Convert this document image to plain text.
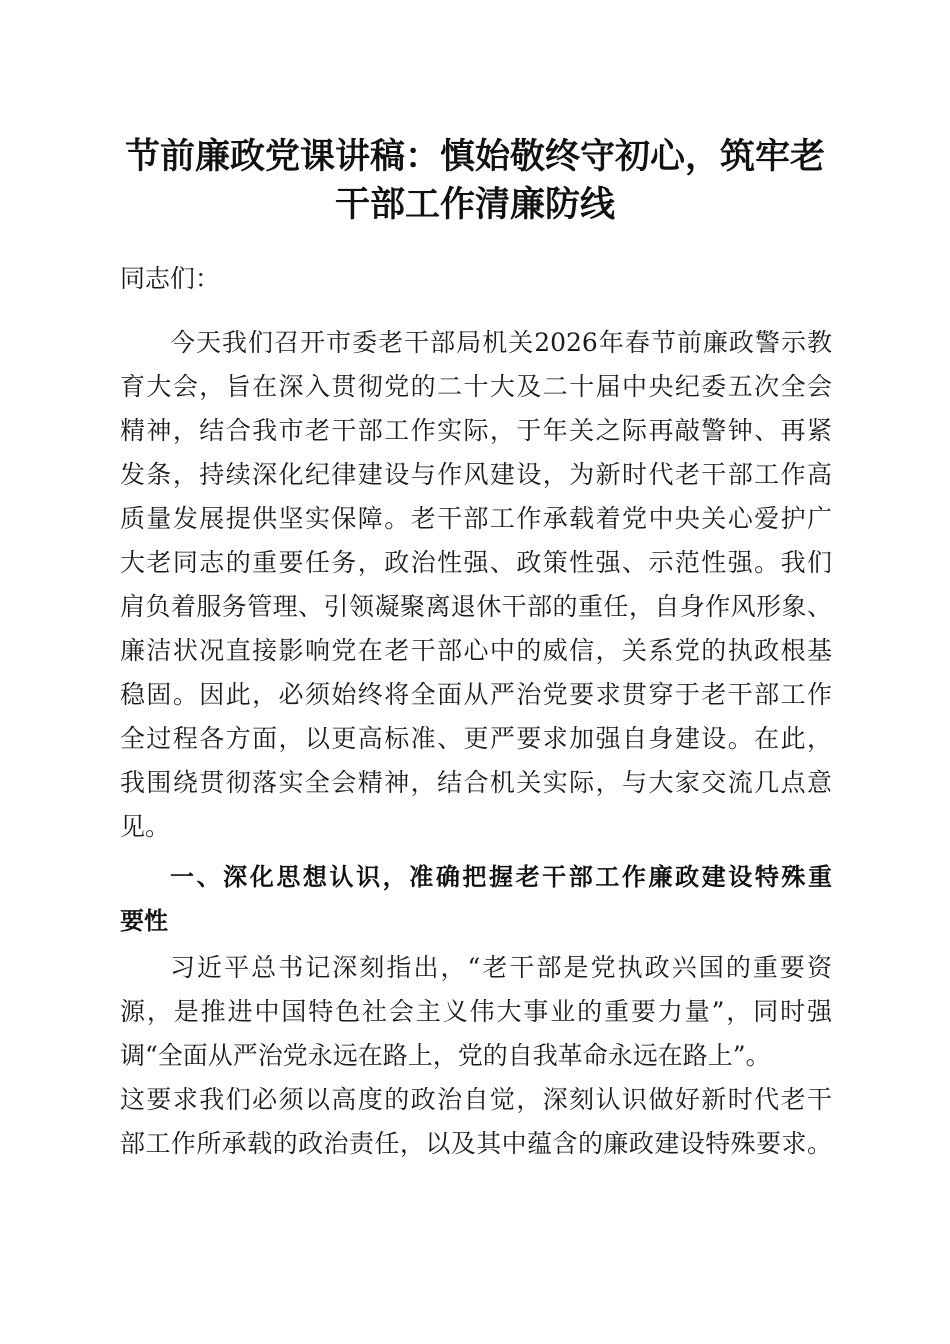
节前廉政党课讲稿：慎始敬终守初心，筑牢老
干部工作清廉防线
同志们：
今天我们召开市委老干部局机关2026年春节前廉政警示教
育大会，旨在深入贯彻党的二十大及二十届中央纪委五次全会
精神，结合我市老干部工作实际，于年关之际再敲警钟、再紧
发条，持续深化纪律建设与作风建设，为新时代老干部工作高
质量发展提供坚实保障。老干部工作承载着党中央关心爱护广
大老同志的重要任务，政治性强、政策性强、示范性强。我们
肩负着服务管理、引领凝聚离退休干部的重任，自身作风形象、
廉洁状况直接影响党在老干部心中的威信，关系党的执政根基
稳固。因此，必须始终将全面从严治党要求贯穿于老干部工作
全过程各方面，以更高标准、更严要求加强自身建设。在此，
我围绕贯彻落实全会精神，结合机关实际，与大家交流几点意
见。
一、深化思想认识，准确把握老干部工作廉政建设特殊重
要性
习近平总书记深刻指出，“老干部是党执政兴国的重要资
源，是推进中国特色社会主义伟大事业的重要力量”，同时强
调“全面从严治党永远在路上，党的自我革命永远在路上”。
这要求我们必须以高度的政治自觉，深刻认识做好新时代老干
部工作所承载的政治责任，以及其中蕴含的廉政建设特殊要求。
